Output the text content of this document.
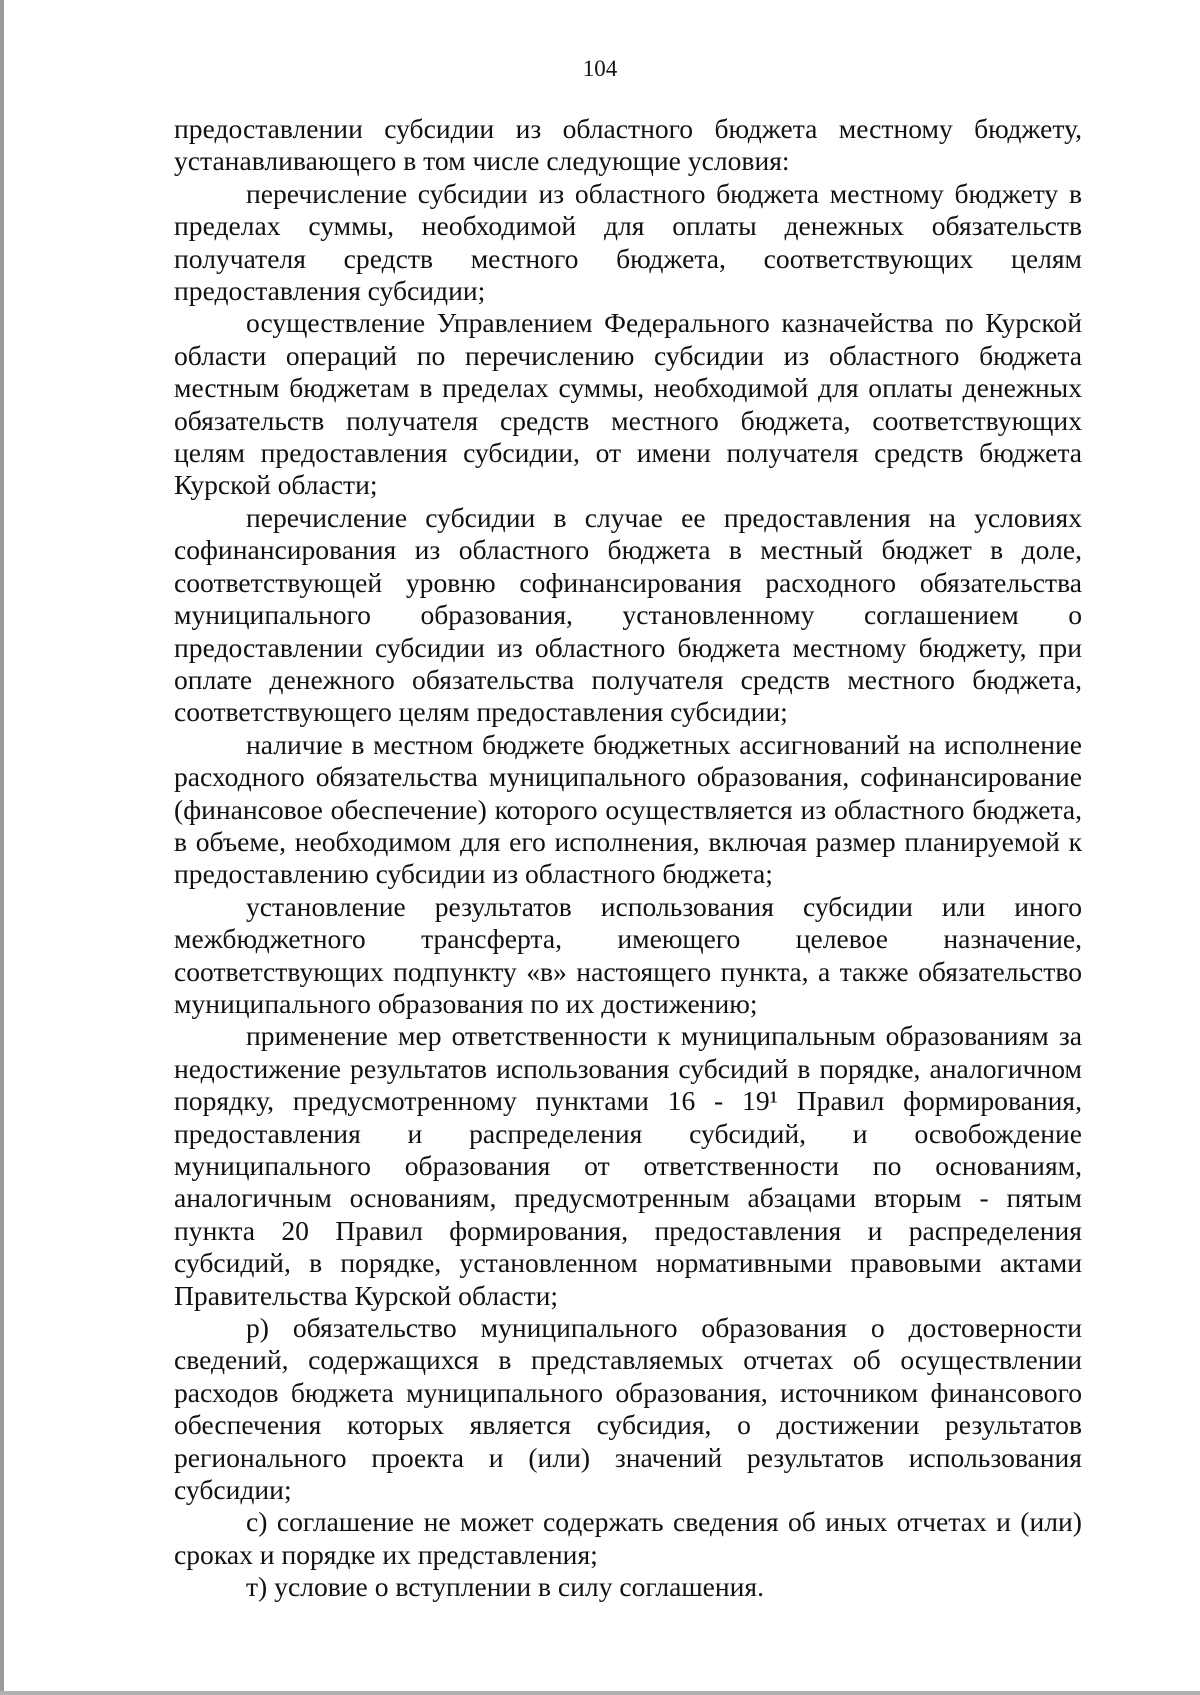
104

предоставлении субсидии из областного бюджета местному бюджету, устанавливающего в том числе следующие условия:

перечисление субсидии из областного бюджета местному бюджету в пределах суммы, необходимой для оплаты денежных обязательств получателя средств местного бюджета, соответствующих целям предоставления субсидии;

осуществление Управлением Федерального казначейства по Курской области операций по перечислению субсидии из областного бюджета местным бюджетам в пределах суммы, необходимой для оплаты денежных обязательств получателя средств местного бюджета, соответствующих целям предоставления субсидии, от имени получателя средств бюджета Курской области;

перечисление субсидии в случае ее предоставления на условиях софинансирования из областного бюджета в местный бюджет в доле, соответствующей уровню софинансирования расходного обязательства муниципального образования, установленному соглашением о предоставлении субсидии из областного бюджета местному бюджету, при оплате денежного обязательства получателя средств местного бюджета, соответствующего целям предоставления субсидии;

наличие в местном бюджете бюджетных ассигнований на исполнение расходного обязательства муниципального образования, софинансирование (финансовое обеспечение) которого осуществляется из областного бюджета, в объеме, необходимом для его исполнения, включая размер планируемой к предоставлению субсидии из областного бюджета;

установление результатов использования субсидии или иного межбюджетного трансферта, имеющего целевое назначение, соответствующих подпункту «в» настоящего пункта, а также обязательство муниципального образования по их достижению;

применение мер ответственности к муниципальным образованиям за недостижение результатов использования субсидий в порядке, аналогичном порядку, предусмотренному пунктами 16 - 19¹ Правил формирования, предоставления и распределения субсидий, и освобождение муниципального образования от ответственности по основаниям, аналогичным основаниям, предусмотренным абзацами вторым - пятым пункта 20 Правил формирования, предоставления и распределения субсидий, в порядке, установленном нормативными правовыми актами Правительства Курской области;

р) обязательство муниципального образования о достоверности сведений, содержащихся в представляемых отчетах об осуществлении расходов бюджета муниципального образования, источником финансового обеспечения которых является субсидия, о достижении результатов регионального проекта и (или) значений результатов использования субсидии;

с) соглашение не может содержать сведения об иных отчетах и (или) сроках и порядке их представления;

т) условие о вступлении в силу соглашения.
